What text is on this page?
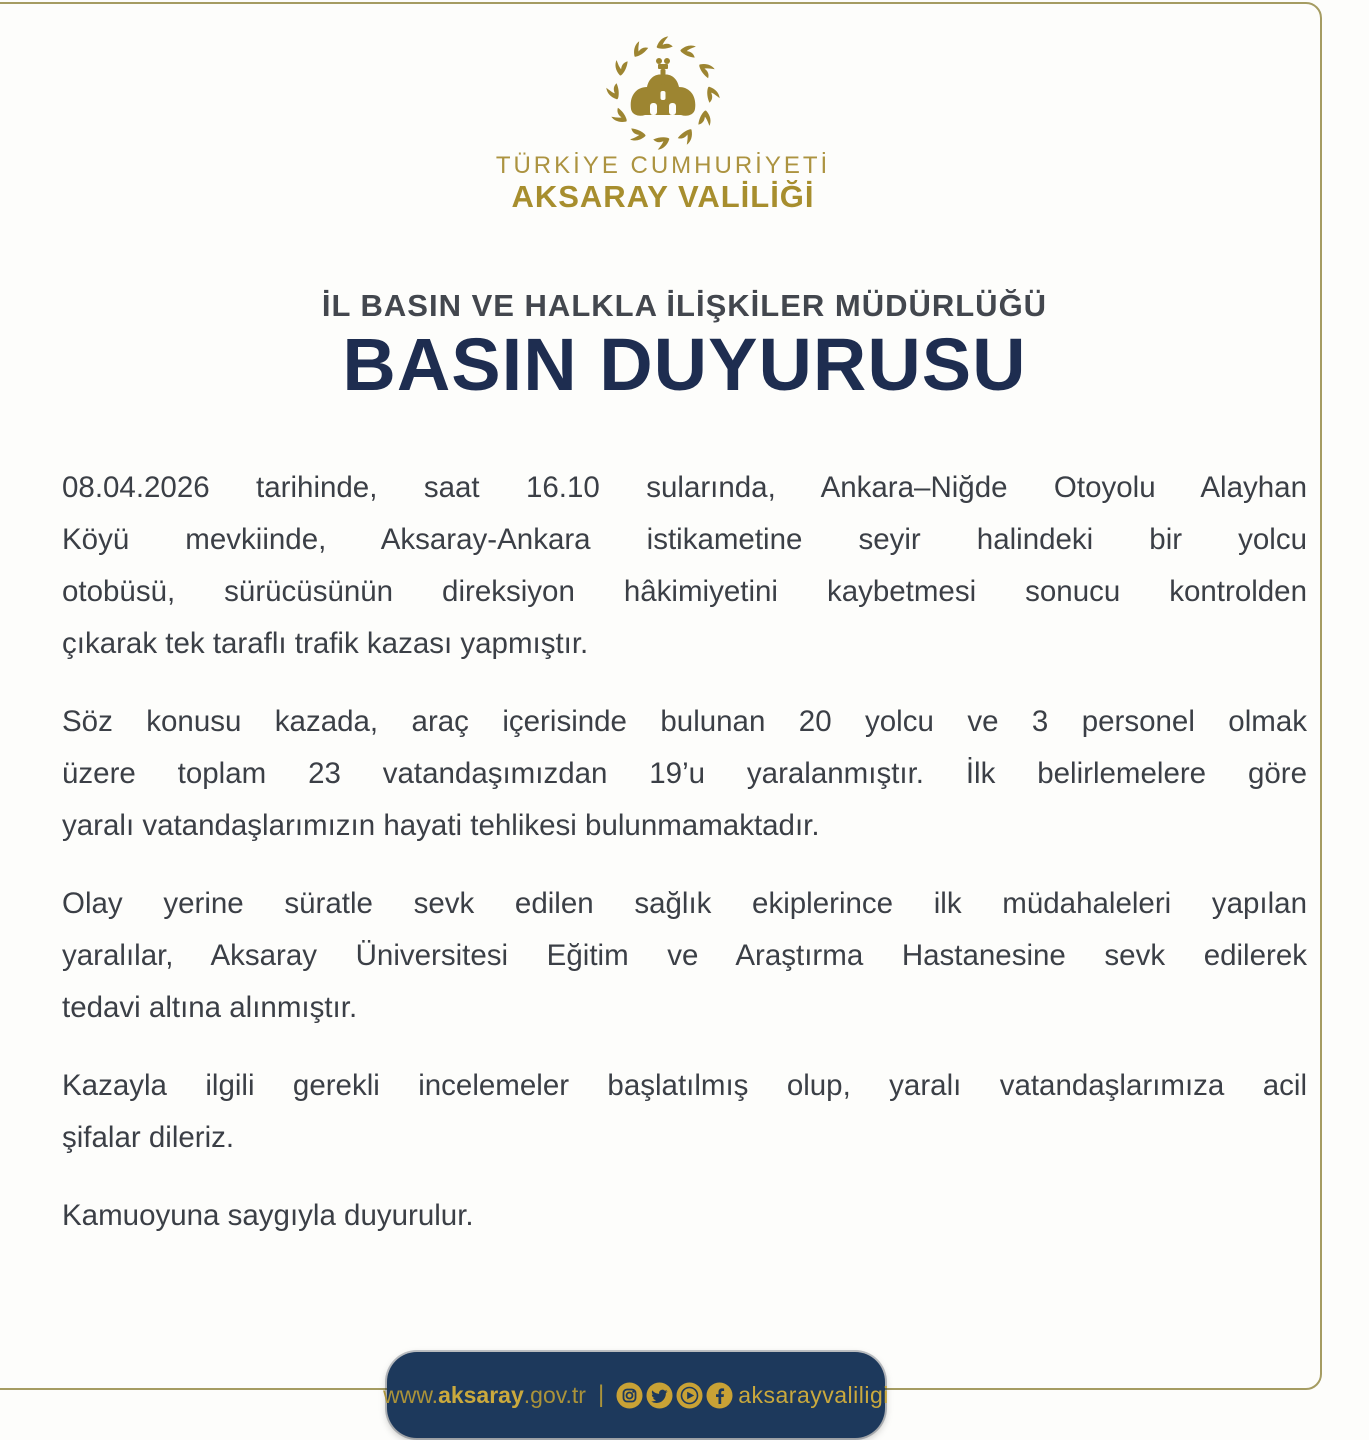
TÜRKİYE CUMHURİYETİ
AKSARAY VALİLİĞİ
İL BASIN VE HALKLA İLİŞKİLER MÜDÜRLÜĞÜ
BASIN DUYURUSU
08.04.2026 tarihinde, saat 16.10 sularında, Ankara–Niğde Otoyolu Alayhan
Köyü mevkiinde, Aksaray-Ankara istikametine seyir halindeki bir yolcu
otobüsü, sürücüsünün direksiyon hâkimiyetini kaybetmesi sonucu kontrolden
çıkarak tek taraflı trafik kazası yapmıştır.
Söz konusu kazada, araç içerisinde bulunan 20 yolcu ve 3 personel olmak
üzere toplam 23 vatandaşımızdan 19’u yaralanmıştır. İlk belirlemelere göre
yaralı vatandaşlarımızın hayati tehlikesi bulunmamaktadır.
Olay yerine süratle sevk edilen sağlık ekiplerince ilk müdahaleleri yapılan
yaralılar, Aksaray Üniversitesi Eğitim ve Araştırma Hastanesine sevk edilerek
tedavi altına alınmıştır.
Kazayla ilgili gerekli incelemeler başlatılmış olup, yaralı vatandaşlarımıza acil
şifalar dileriz.
Kamuoyuna saygıyla duyurulur.
www.aksaray.gov.tr |	aksarayvaliligi
